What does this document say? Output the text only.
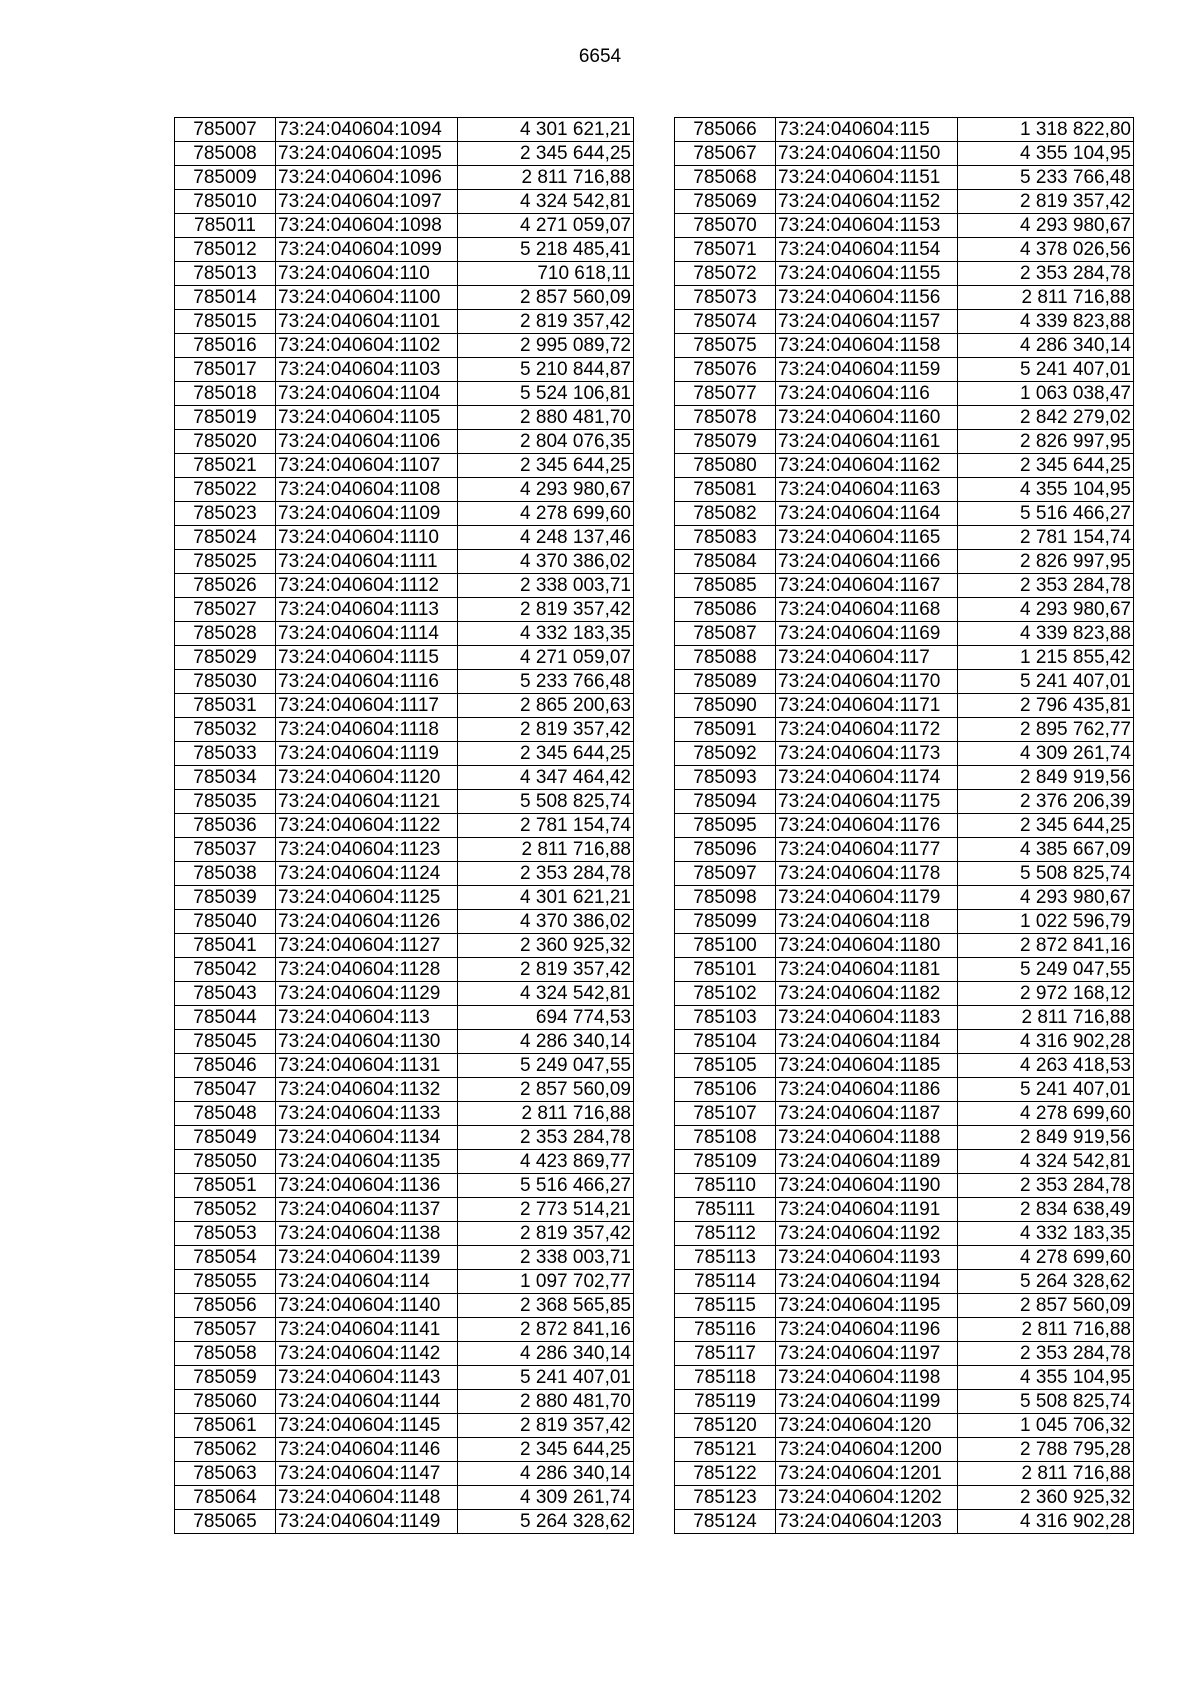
6654
785007	73:24:040604:1094	4 301 621,21
785008	73:24:040604:1095	2 345 644,25
785009	73:24:040604:1096	2 811 716,88
785010	73:24:040604:1097	4 324 542,81
785011	73:24:040604:1098	4 271 059,07
785012	73:24:040604:1099	5 218 485,41
785013	73:24:040604:110	710 618,11
785014	73:24:040604:1100	2 857 560,09
785015	73:24:040604:1101	2 819 357,42
785016	73:24:040604:1102	2 995 089,72
785017	73:24:040604:1103	5 210 844,87
785018	73:24:040604:1104	5 524 106,81
785019	73:24:040604:1105	2 880 481,70
785020	73:24:040604:1106	2 804 076,35
785021	73:24:040604:1107	2 345 644,25
785022	73:24:040604:1108	4 293 980,67
785023	73:24:040604:1109	4 278 699,60
785024	73:24:040604:1110	4 248 137,46
785025	73:24:040604:1111	4 370 386,02
785026	73:24:040604:1112	2 338 003,71
785027	73:24:040604:1113	2 819 357,42
785028	73:24:040604:1114	4 332 183,35
785029	73:24:040604:1115	4 271 059,07
785030	73:24:040604:1116	5 233 766,48
785031	73:24:040604:1117	2 865 200,63
785032	73:24:040604:1118	2 819 357,42
785033	73:24:040604:1119	2 345 644,25
785034	73:24:040604:1120	4 347 464,42
785035	73:24:040604:1121	5 508 825,74
785036	73:24:040604:1122	2 781 154,74
785037	73:24:040604:1123	2 811 716,88
785038	73:24:040604:1124	2 353 284,78
785039	73:24:040604:1125	4 301 621,21
785040	73:24:040604:1126	4 370 386,02
785041	73:24:040604:1127	2 360 925,32
785042	73:24:040604:1128	2 819 357,42
785043	73:24:040604:1129	4 324 542,81
785044	73:24:040604:113	694 774,53
785045	73:24:040604:1130	4 286 340,14
785046	73:24:040604:1131	5 249 047,55
785047	73:24:040604:1132	2 857 560,09
785048	73:24:040604:1133	2 811 716,88
785049	73:24:040604:1134	2 353 284,78
785050	73:24:040604:1135	4 423 869,77
785051	73:24:040604:1136	5 516 466,27
785052	73:24:040604:1137	2 773 514,21
785053	73:24:040604:1138	2 819 357,42
785054	73:24:040604:1139	2 338 003,71
785055	73:24:040604:114	1 097 702,77
785056	73:24:040604:1140	2 368 565,85
785057	73:24:040604:1141	2 872 841,16
785058	73:24:040604:1142	4 286 340,14
785059	73:24:040604:1143	5 241 407,01
785060	73:24:040604:1144	2 880 481,70
785061	73:24:040604:1145	2 819 357,42
785062	73:24:040604:1146	2 345 644,25
785063	73:24:040604:1147	4 286 340,14
785064	73:24:040604:1148	4 309 261,74
785065	73:24:040604:1149	5 264 328,62
785066	73:24:040604:115	1 318 822,80
785067	73:24:040604:1150	4 355 104,95
785068	73:24:040604:1151	5 233 766,48
785069	73:24:040604:1152	2 819 357,42
785070	73:24:040604:1153	4 293 980,67
785071	73:24:040604:1154	4 378 026,56
785072	73:24:040604:1155	2 353 284,78
785073	73:24:040604:1156	2 811 716,88
785074	73:24:040604:1157	4 339 823,88
785075	73:24:040604:1158	4 286 340,14
785076	73:24:040604:1159	5 241 407,01
785077	73:24:040604:116	1 063 038,47
785078	73:24:040604:1160	2 842 279,02
785079	73:24:040604:1161	2 826 997,95
785080	73:24:040604:1162	2 345 644,25
785081	73:24:040604:1163	4 355 104,95
785082	73:24:040604:1164	5 516 466,27
785083	73:24:040604:1165	2 781 154,74
785084	73:24:040604:1166	2 826 997,95
785085	73:24:040604:1167	2 353 284,78
785086	73:24:040604:1168	4 293 980,67
785087	73:24:040604:1169	4 339 823,88
785088	73:24:040604:117	1 215 855,42
785089	73:24:040604:1170	5 241 407,01
785090	73:24:040604:1171	2 796 435,81
785091	73:24:040604:1172	2 895 762,77
785092	73:24:040604:1173	4 309 261,74
785093	73:24:040604:1174	2 849 919,56
785094	73:24:040604:1175	2 376 206,39
785095	73:24:040604:1176	2 345 644,25
785096	73:24:040604:1177	4 385 667,09
785097	73:24:040604:1178	5 508 825,74
785098	73:24:040604:1179	4 293 980,67
785099	73:24:040604:118	1 022 596,79
785100	73:24:040604:1180	2 872 841,16
785101	73:24:040604:1181	5 249 047,55
785102	73:24:040604:1182	2 972 168,12
785103	73:24:040604:1183	2 811 716,88
785104	73:24:040604:1184	4 316 902,28
785105	73:24:040604:1185	4 263 418,53
785106	73:24:040604:1186	5 241 407,01
785107	73:24:040604:1187	4 278 699,60
785108	73:24:040604:1188	2 849 919,56
785109	73:24:040604:1189	4 324 542,81
785110	73:24:040604:1190	2 353 284,78
785111	73:24:040604:1191	2 834 638,49
785112	73:24:040604:1192	4 332 183,35
785113	73:24:040604:1193	4 278 699,60
785114	73:24:040604:1194	5 264 328,62
785115	73:24:040604:1195	2 857 560,09
785116	73:24:040604:1196	2 811 716,88
785117	73:24:040604:1197	2 353 284,78
785118	73:24:040604:1198	4 355 104,95
785119	73:24:040604:1199	5 508 825,74
785120	73:24:040604:120	1 045 706,32
785121	73:24:040604:1200	2 788 795,28
785122	73:24:040604:1201	2 811 716,88
785123	73:24:040604:1202	2 360 925,32
785124	73:24:040604:1203	4 316 902,28
